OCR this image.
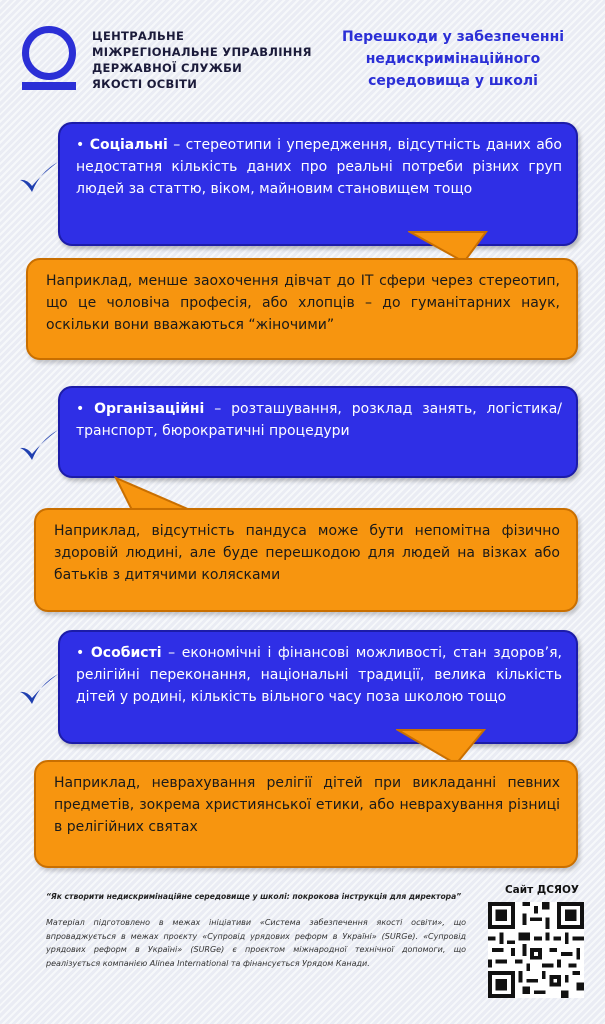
ЦЕНТРАЛЬНЕ
МІЖРЕГІОНАЛЬНЕ УПРАВЛІННЯ
ДЕРЖАВНОЇ СЛУЖБИ
ЯКОСТІ ОСВІТИ
Перешкоди у забезпеченні
недискримінаційного
середовища у школі
• Соціальні – стереотипи і упередження, відсутність даних або недостатня кількість даних про реальні потреби різних груп людей за статтю, віком, майновим становищем тощо
Наприклад, менше заохочення дівчат до IT сфери через стереотип, що це чоловіча професія, або хлопців – до гуманітарних наук, оскільки вони вважаються “жіночими”
• Організаційні – розташування, розклад занять, логістика/транспорт, бюрократичні процедури
Наприклад, відсутність пандуса може бути непомітна фізично здоровій людині, але буде перешкодою для людей на візках або батьків з дитячими колясками
• Особисті – економічні і фінансові можливості, стан здоров’я, релігійні переконання, національні традиції, велика кількість дітей у родині, кількість вільного часу поза школою тощо
Наприклад, неврахування релігії дітей при викладанні певних предметів, зокрема християнської етики, або неврахування різниці в релігійних святах
“Як створити недискримінаційне середовище у школі: покрокова інструкція для директора”
Матеріал підготовлено в межах ініціативи «Система забезпечення якості освіти», що впроваджується в межах проєкту «Супровід урядових реформ в Україні» (SURGe). «Супровід урядових реформ в Україні» (SURGe) є проєктом міжнародної технічної допомоги, що реалізується компанією Alinea International та фінансується Урядом Канади.
Сайт ДСЯОУ
